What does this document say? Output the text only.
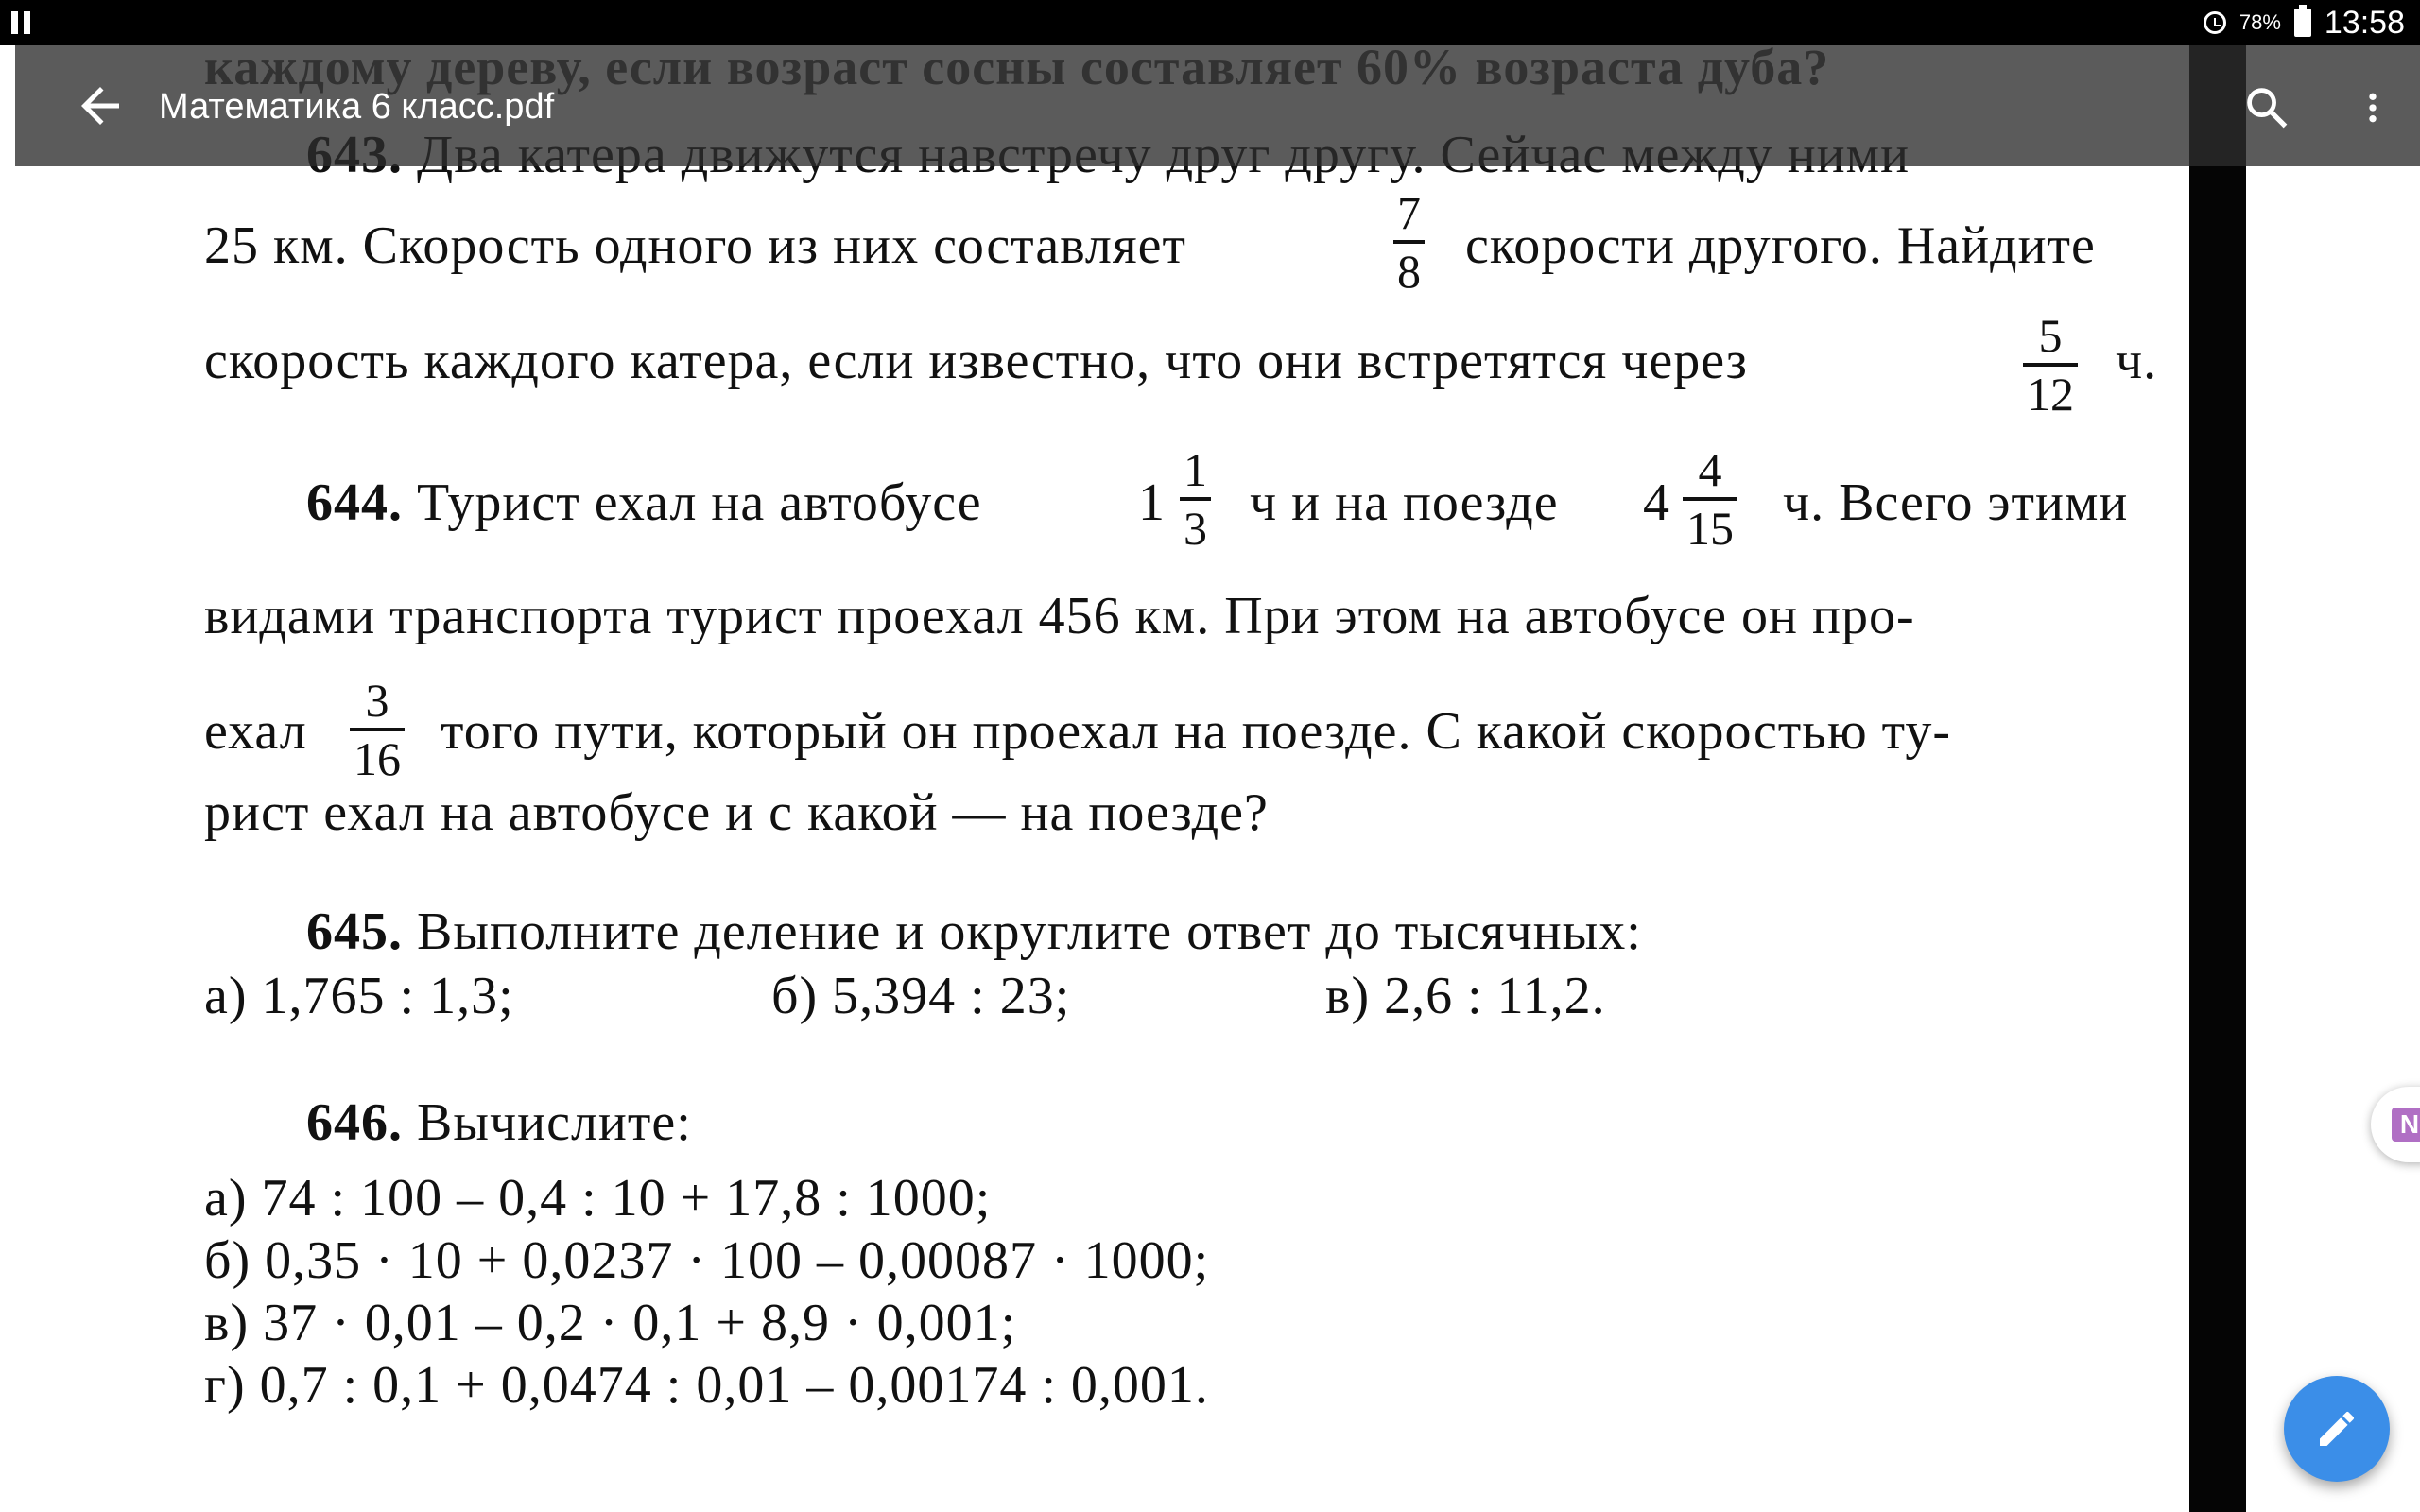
78% 13:58
25 км. Скорость одного из них составляет
7
8 скорости другого. Найдите
скорость каждого катера, если известно, что они встретятся через	5
12
ч.
644. Турист ехал на автобусе	1
1
3 ч и на поезде 4
4
15 ч. Всего этими
видами транспорта турист проехал 456 км. При этом на автобусе он про-
ехал
3
16 того пути, который он проехал на поезде. С какой скоростью ту-
рист ехал на автобусе и с какой — на поезде?
645. Выполните деление и округлите ответ до тысячных:
а) 1,765 : 1,3;	б) 5,394 : 23;	в) 2,6 : 11,2.
646. Вычислите:
а) 74 : 100 – 0,4 : 10 + 17,8 : 1000;
б) 0,35 · 10 + 0,0237 · 100 – 0,00087 · 1000;
в) 37 · 0,01 – 0,2 · 0,1 + 8,9 · 0,001;
г) 0,7 : 0,1 + 0,0474 : 0,01 – 0,00174 : 0,001.
Математика 6 класс.pdf
N
